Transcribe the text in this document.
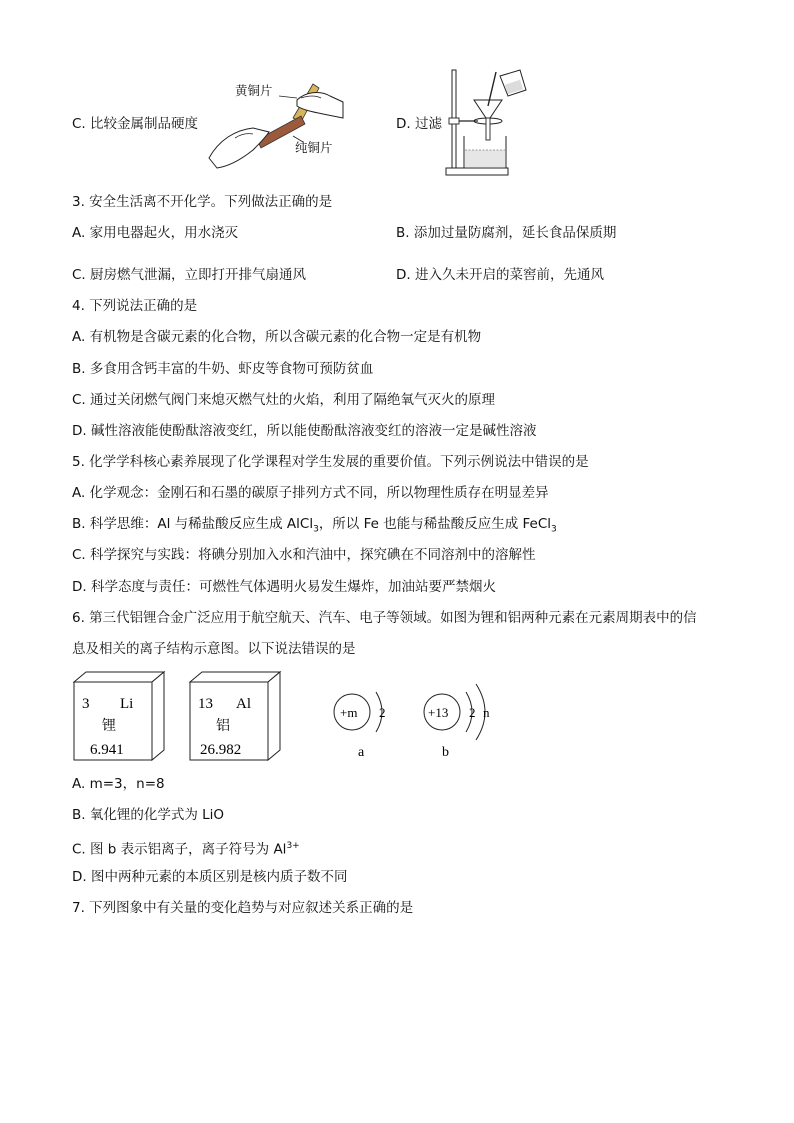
C. 比较金属制品硬度
黄铜片
纯铜片
D. 过滤
3. 安全生活离不开化学。下列做法正确的是
A. 家用电器起火，用水浇灭	B. 添加过量防腐剂，延长食品保质期
C. 厨房燃气泄漏，立即打开排气扇通风	D. 进入久未开启的菜窖前，先通风
4. 下列说法正确的是
A. 有机物是含碳元素的化合物，所以含碳元素的化合物一定是有机物
B. 多食用含钙丰富的牛奶、虾皮等食物可预防贫血
C. 通过关闭燃气阀门来熄灭燃气灶的火焰，利用了隔绝氧气灭火的原理
D. 碱性溶液能使酚酞溶液变红，所以能使酚酞溶液变红的溶液一定是碱性溶液
5. 化学学科核心素养展现了化学课程对学生发展的重要价值。下列示例说法中错误的是
A. 化学观念：金刚石和石墨的碳原子排列方式不同，所以物理性质存在明显差异
B. 科学思维：Al 与稀盐酸反应生成 AlCl$_3$，所以 Fe 也能与稀盐酸反应生成 FeCl$_3$
C. 科学探究与实践：将碘分别加入水和汽油中，探究碘在不同溶剂中的溶解性
D. 科学态度与责任：可燃性气体遇明火易发生爆炸，加油站要严禁烟火
6. 第三代铝锂合金广泛应用于航空航天、汽车、电子等领域。如图为锂和铝两种元素在元素周期表中的信
息及相关的离子结构示意图。以下说法错误的是
3 Li
锂
6.941
13 Al
铝
26.982
+m 2
a
+13 2 n
b
A. m=3，n=8
B. 氧化锂的化学式为 LiO
C. 图 b 表示铝离子，离子符号为 $Al^{3+}$
D. 图中两种元素的本质区别是核内质子数不同
7. 下列图象中有关量的变化趋势与对应叙述关系正确的是
